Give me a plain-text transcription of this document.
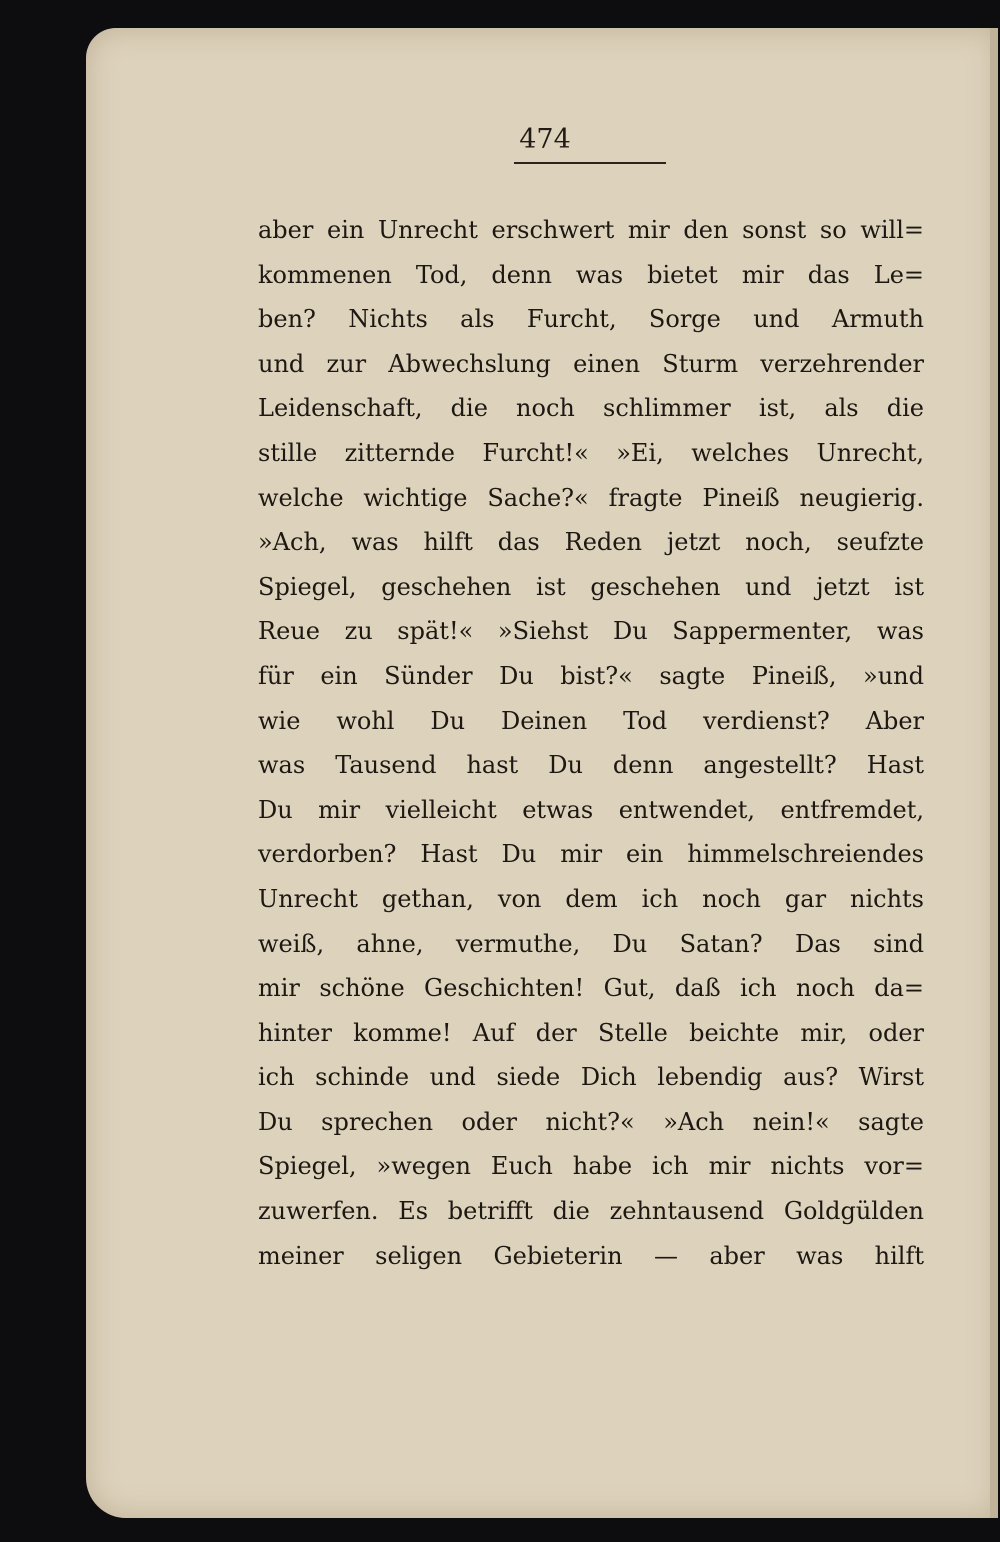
474
aber ein Unrecht erschwert mir den sonst so will=
kommenen Tod, denn was bietet mir das Le=
ben? Nichts als Furcht, Sorge und Armuth
und zur Abwechslung einen Sturm verzehrender
Leidenschaft, die noch schlimmer ist, als die
stille zitternde Furcht!« »Ei, welches Unrecht,
welche wichtige Sache?« fragte Pineiß neugierig.
»Ach, was hilft das Reden jetzt noch, seufzte
Spiegel, geschehen ist geschehen und jetzt ist
Reue zu spät!« »Siehst Du Sappermenter, was
für ein Sünder Du bist?« sagte Pineiß, »und
wie wohl Du Deinen Tod verdienst? Aber
was Tausend hast Du denn angestellt? Hast
Du mir vielleicht etwas entwendet, entfremdet,
verdorben? Hast Du mir ein himmelschreiendes
Unrecht gethan, von dem ich noch gar nichts
weiß, ahne, vermuthe, Du Satan? Das sind
mir schöne Geschichten! Gut, daß ich noch da=
hinter komme! Auf der Stelle beichte mir, oder
ich schinde und siede Dich lebendig aus? Wirst
Du sprechen oder nicht?« »Ach nein!« sagte
Spiegel, »wegen Euch habe ich mir nichts vor=
zuwerfen. Es betrifft die zehntausend Goldgülden
meiner seligen Gebieterin — aber was hilft
